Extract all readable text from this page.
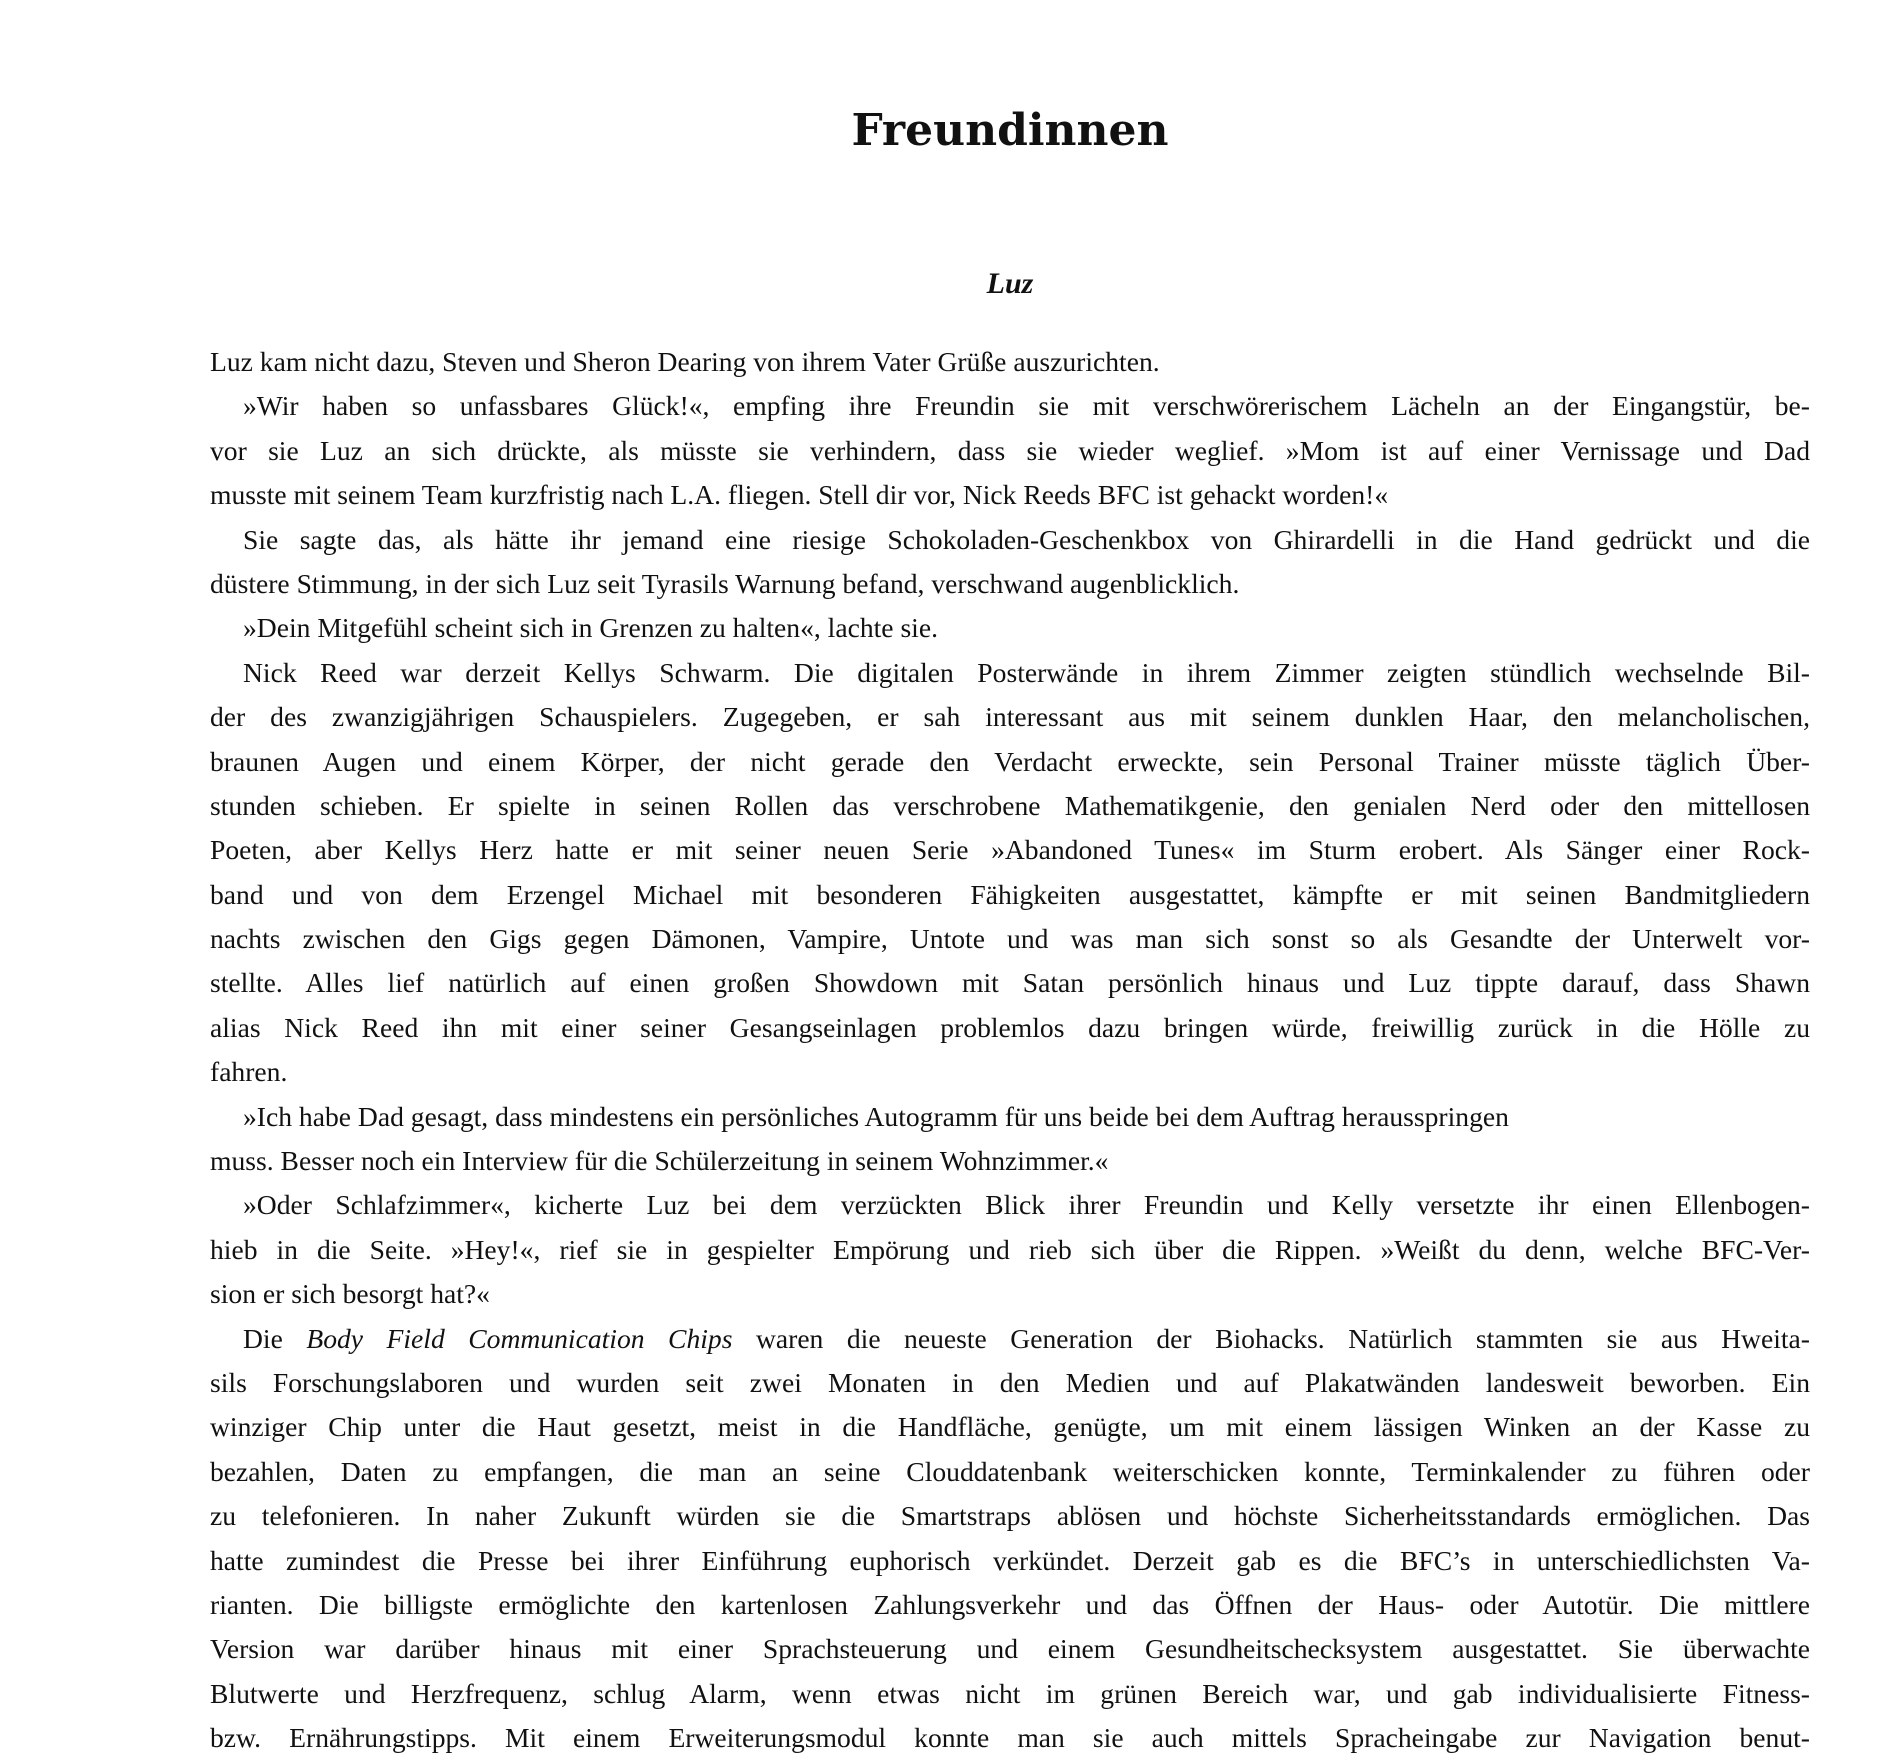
Freundinnen
Luz
Luz kam nicht dazu, Steven und Sheron Dearing von ihrem Vater Grüße auszurichten.
»Wir haben so unfassbares Glück!«, empfing ihre Freundin sie mit verschwörerischem Lächeln an der Eingangstür, be-
vor sie Luz an sich drückte, als müsste sie verhindern, dass sie wieder weglief. »Mom ist auf einer Vernissage und Dad
musste mit seinem Team kurzfristig nach L.A. fliegen. Stell dir vor, Nick Reeds BFC ist gehackt worden!«
Sie sagte das, als hätte ihr jemand eine riesige Schokoladen-Geschenkbox von Ghirardelli in die Hand gedrückt und die
düstere Stimmung, in der sich Luz seit Tyrasils Warnung befand, verschwand augenblicklich.
»Dein Mitgefühl scheint sich in Grenzen zu halten«, lachte sie.
Nick Reed war derzeit Kellys Schwarm. Die digitalen Posterwände in ihrem Zimmer zeigten stündlich wechselnde Bil-
der des zwanzigjährigen Schauspielers. Zugegeben, er sah interessant aus mit seinem dunklen Haar, den melancholischen,
braunen Augen und einem Körper, der nicht gerade den Verdacht erweckte, sein Personal Trainer müsste täglich Über-
stunden schieben. Er spielte in seinen Rollen das verschrobene Mathematikgenie, den genialen Nerd oder den mittellosen
Poeten, aber Kellys Herz hatte er mit seiner neuen Serie »Abandoned Tunes« im Sturm erobert. Als Sänger einer Rock-
band und von dem Erzengel Michael mit besonderen Fähigkeiten ausgestattet, kämpfte er mit seinen Bandmitgliedern
nachts zwischen den Gigs gegen Dämonen, Vampire, Untote und was man sich sonst so als Gesandte der Unterwelt vor-
stellte. Alles lief natürlich auf einen großen Showdown mit Satan persönlich hinaus und Luz tippte darauf, dass Shawn
alias Nick Reed ihn mit einer seiner Gesangseinlagen problemlos dazu bringen würde, freiwillig zurück in die Hölle zu
fahren.
»Ich habe Dad gesagt, dass mindestens ein persönliches Autogramm für uns beide bei dem Auftrag herausspringen
muss. Besser noch ein Interview für die Schülerzeitung in seinem Wohnzimmer.«
»Oder Schlafzimmer«, kicherte Luz bei dem verzückten Blick ihrer Freundin und Kelly versetzte ihr einen Ellenbogen-
hieb in die Seite. »Hey!«, rief sie in gespielter Empörung und rieb sich über die Rippen. »Weißt du denn, welche BFC-Ver-
sion er sich besorgt hat?«
Die Body Field Communication Chips waren die neueste Generation der Biohacks. Natürlich stammten sie aus Hweita-
sils Forschungslaboren und wurden seit zwei Monaten in den Medien und auf Plakatwänden landesweit beworben. Ein
winziger Chip unter die Haut gesetzt, meist in die Handfläche, genügte, um mit einem lässigen Winken an der Kasse zu
bezahlen, Daten zu empfangen, die man an seine Clouddatenbank weiterschicken konnte, Terminkalender zu führen oder
zu telefonieren. In naher Zukunft würden sie die Smartstraps ablösen und höchste Sicherheitsstandards ermöglichen. Das
hatte zumindest die Presse bei ihrer Einführung euphorisch verkündet. Derzeit gab es die BFC’s in unterschiedlichsten Va-
rianten. Die billigste ermöglichte den kartenlosen Zahlungsverkehr und das Öffnen der Haus- oder Autotür. Die mittlere
Version war darüber hinaus mit einer Sprachsteuerung und einem Gesundheitschecksystem ausgestattet. Sie überwachte
Blutwerte und Herzfrequenz, schlug Alarm, wenn etwas nicht im grünen Bereich war, und gab individualisierte Fitness-
bzw. Ernährungstipps. Mit einem Erweiterungsmodul konnte man sie auch mittels Spracheingabe zur Navigation benut-
